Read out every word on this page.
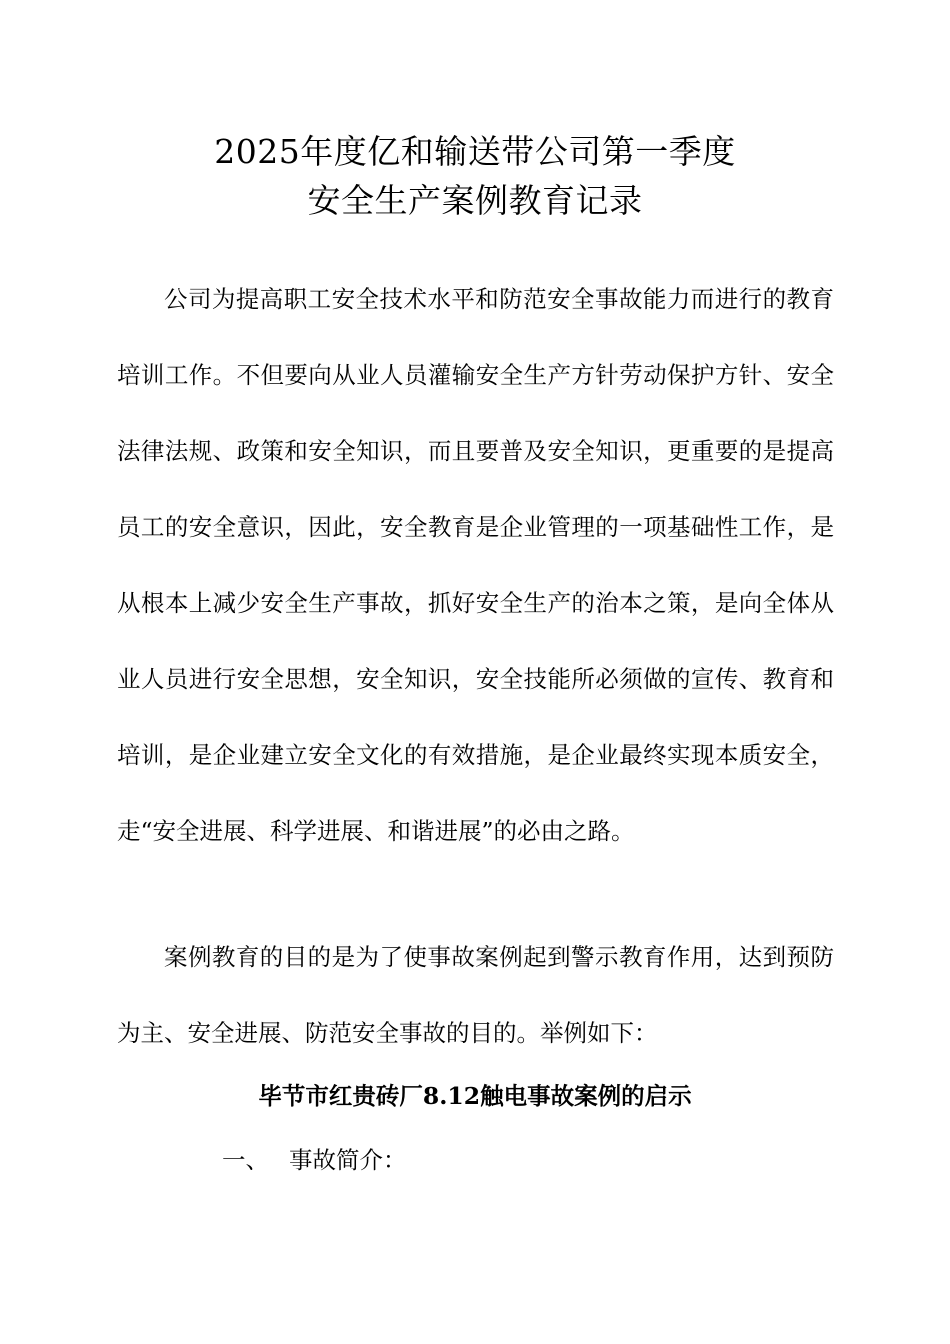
2025年度亿和输送带公司第一季度
安全生产案例教育记录

公司为提高职工安全技术水平和防范安全事故能力而进行的教育培训工作。不但要向从业人员灌输安全生产方针劳动保护方针、安全法律法规、政策和安全知识，而且要普及安全知识，更重要的是提高员工的安全意识，因此，安全教育是企业管理的一项基础性工作，是从根本上减少安全生产事故，抓好安全生产的治本之策，是向全体从业人员进行安全思想，安全知识，安全技能所必须做的宣传、教育和培训，是企业建立安全文化的有效措施，是企业最终实现本质安全，走“安全进展、科学进展、和谐进展”的必由之路。

案例教育的目的是为了使事故案例起到警示教育作用，达到预防为主、安全进展、防范安全事故的目的。举例如下：

毕节市红贵砖厂8.12触电事故案例的启示
一、 事故简介：
